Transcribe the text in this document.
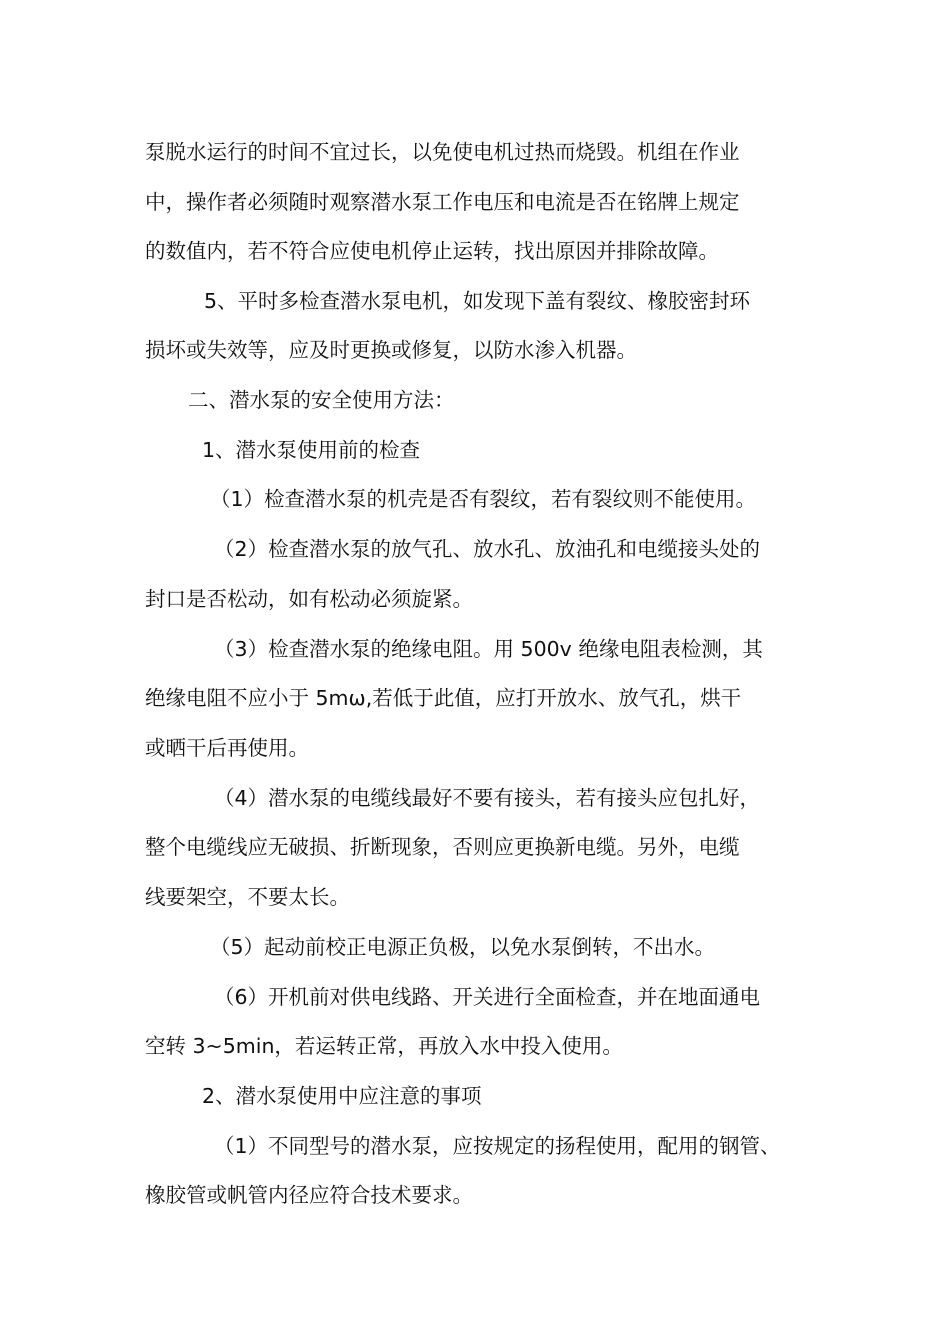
泵脱水运行的时间不宜过长，以免使电机过热而烧毁。机组在作业
中，操作者必须随时观察潜水泵工作电压和电流是否在铭牌上规定
的数值内，若不符合应使电机停止运转，找出原因并排除故障。
5、平时多检查潜水泵电机，如发现下盖有裂纹、橡胶密封环
损坏或失效等，应及时更换或修复，以防水渗入机器。
二、潜水泵的安全使用方法：
1、潜水泵使用前的检查
（1）检查潜水泵的机壳是否有裂纹，若有裂纹则不能使用。
（2）检查潜水泵的放气孔、放水孔、放油孔和电缆接头处的
封口是否松动，如有松动必须旋紧。
（3）检查潜水泵的绝缘电阻。用 500v 绝缘电阻表检测，其
绝缘电阻不应小于 5mω,若低于此值，应打开放水、放气孔，烘干
或晒干后再使用。
（4）潜水泵的电缆线最好不要有接头，若有接头应包扎好，
整个电缆线应无破损、折断现象，否则应更换新电缆。另外，电缆
线要架空，不要太长。
（5）起动前校正电源正负极，以免水泵倒转，不出水。
（6）开机前对供电线路、开关进行全面检查，并在地面通电
空转 3~5min，若运转正常，再放入水中投入使用。
2、潜水泵使用中应注意的事项
（1）不同型号的潜水泵，应按规定的扬程使用，配用的钢管、
橡胶管或帆管内径应符合技术要求。
